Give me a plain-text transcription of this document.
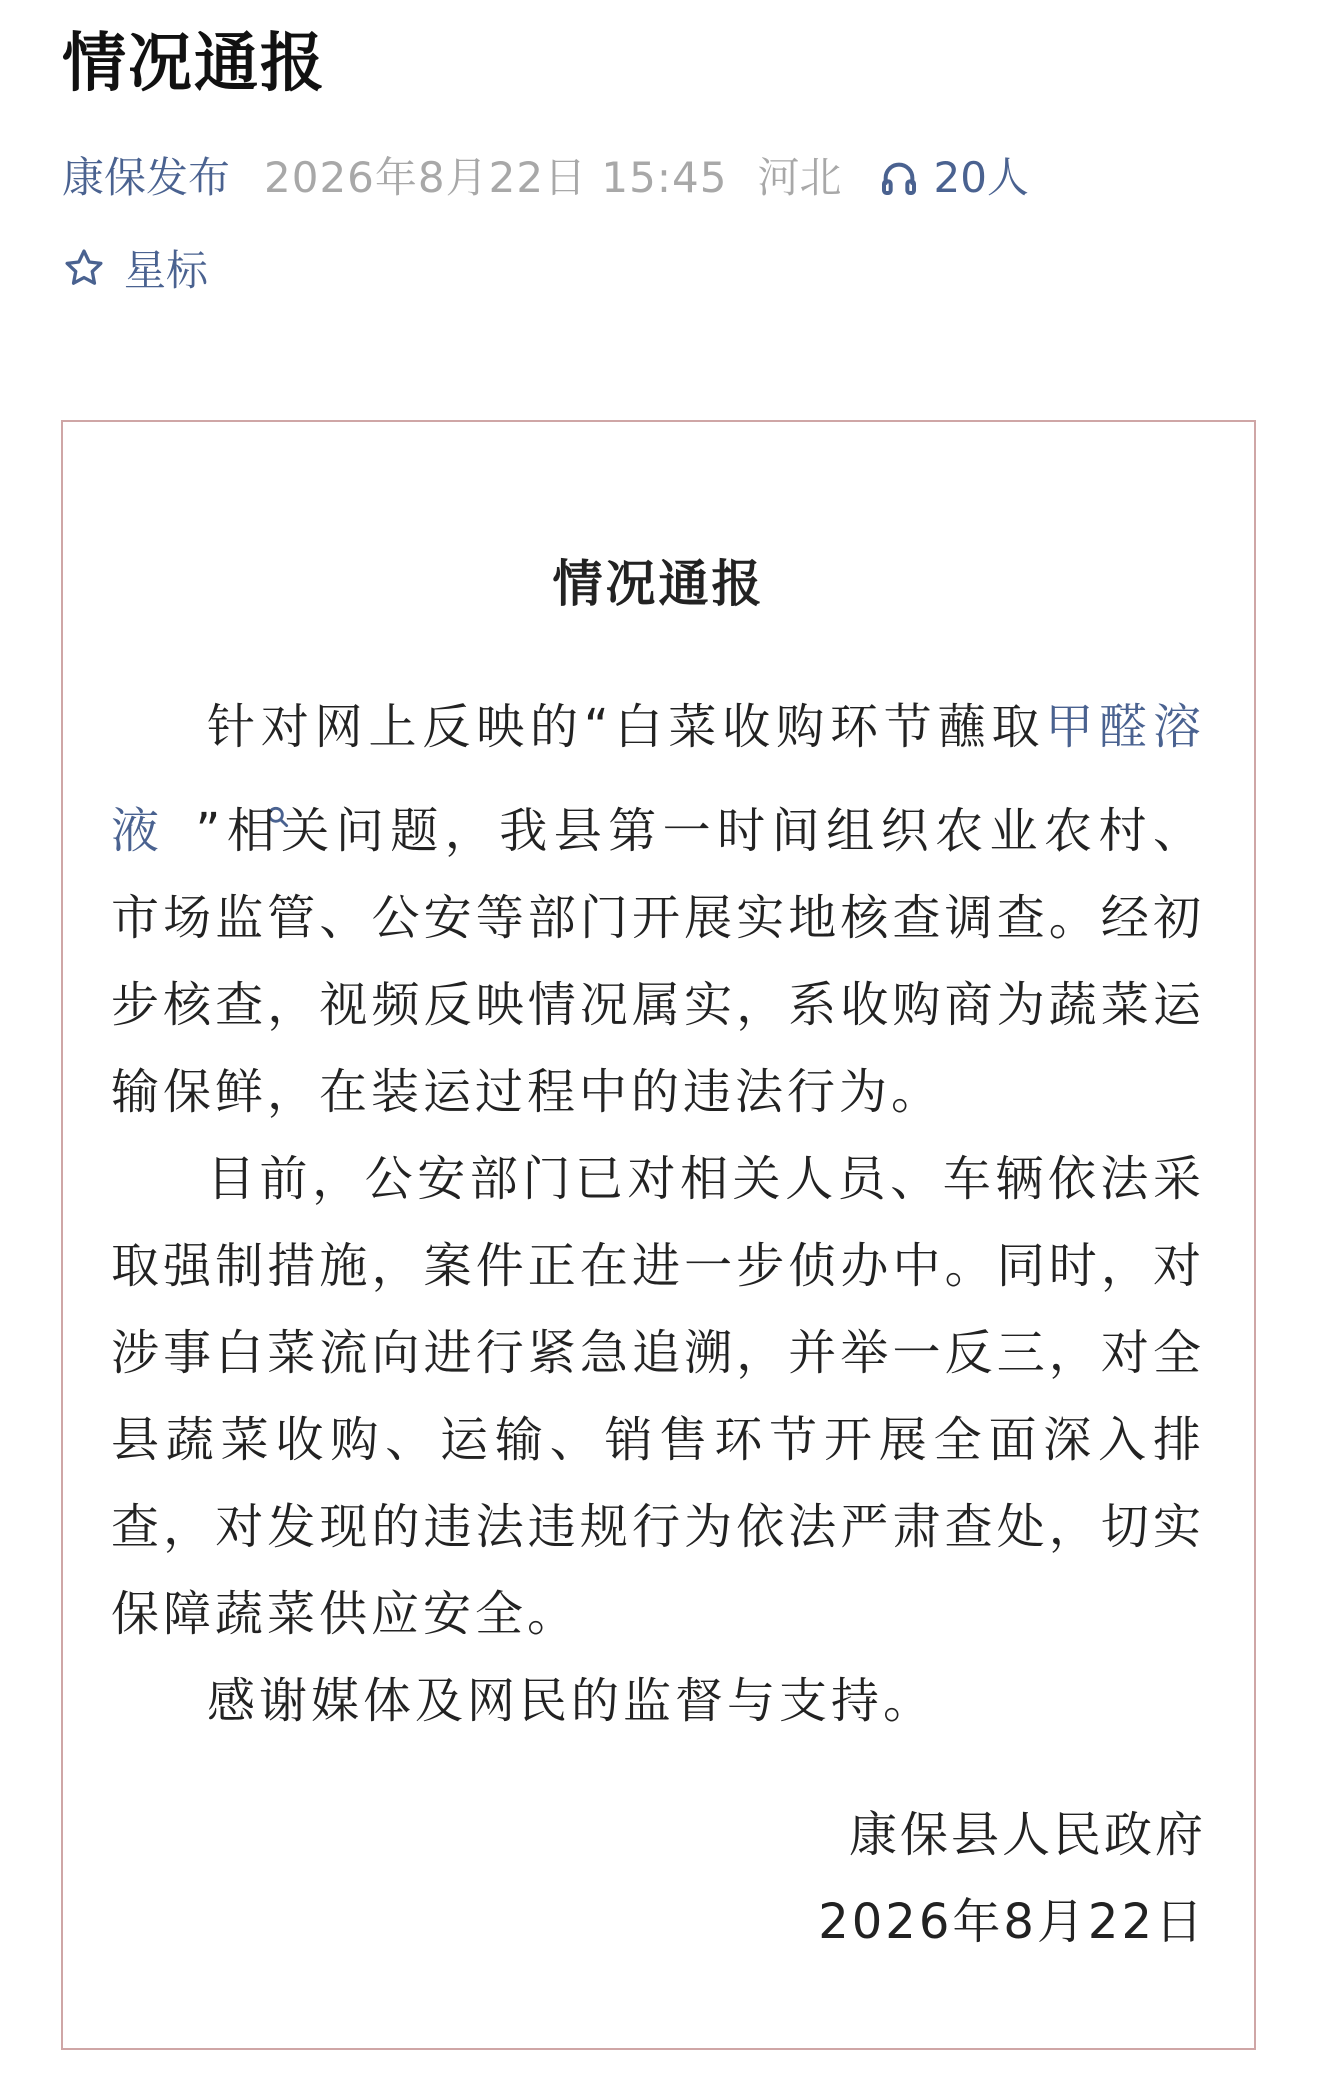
情况通报
康保发布 2026年8月22日 15:45 河北 20人
星标
情况通报

针对网上反映的“白菜收购环节蘸取甲醛溶液 ”相关问题，我县第一时间组织农业农村、市场监管、公安等部门开展实地核查调查。经初步核查，视频反映情况属实，系收购商为蔬菜运输保鲜，在装运过程中的违法行为。

目前，公安部门已对相关人员、车辆依法采取强制措施，案件正在进一步侦办中。同时，对涉事白菜流向进行紧急追溯，并举一反三，对全县蔬菜收购、运输、销售环节开展全面深入排查，对发现的违法违规行为依法严肃查处，切实保障蔬菜供应安全。

感谢媒体及网民的监督与支持。

康保县人民政府
2026年8月22日
